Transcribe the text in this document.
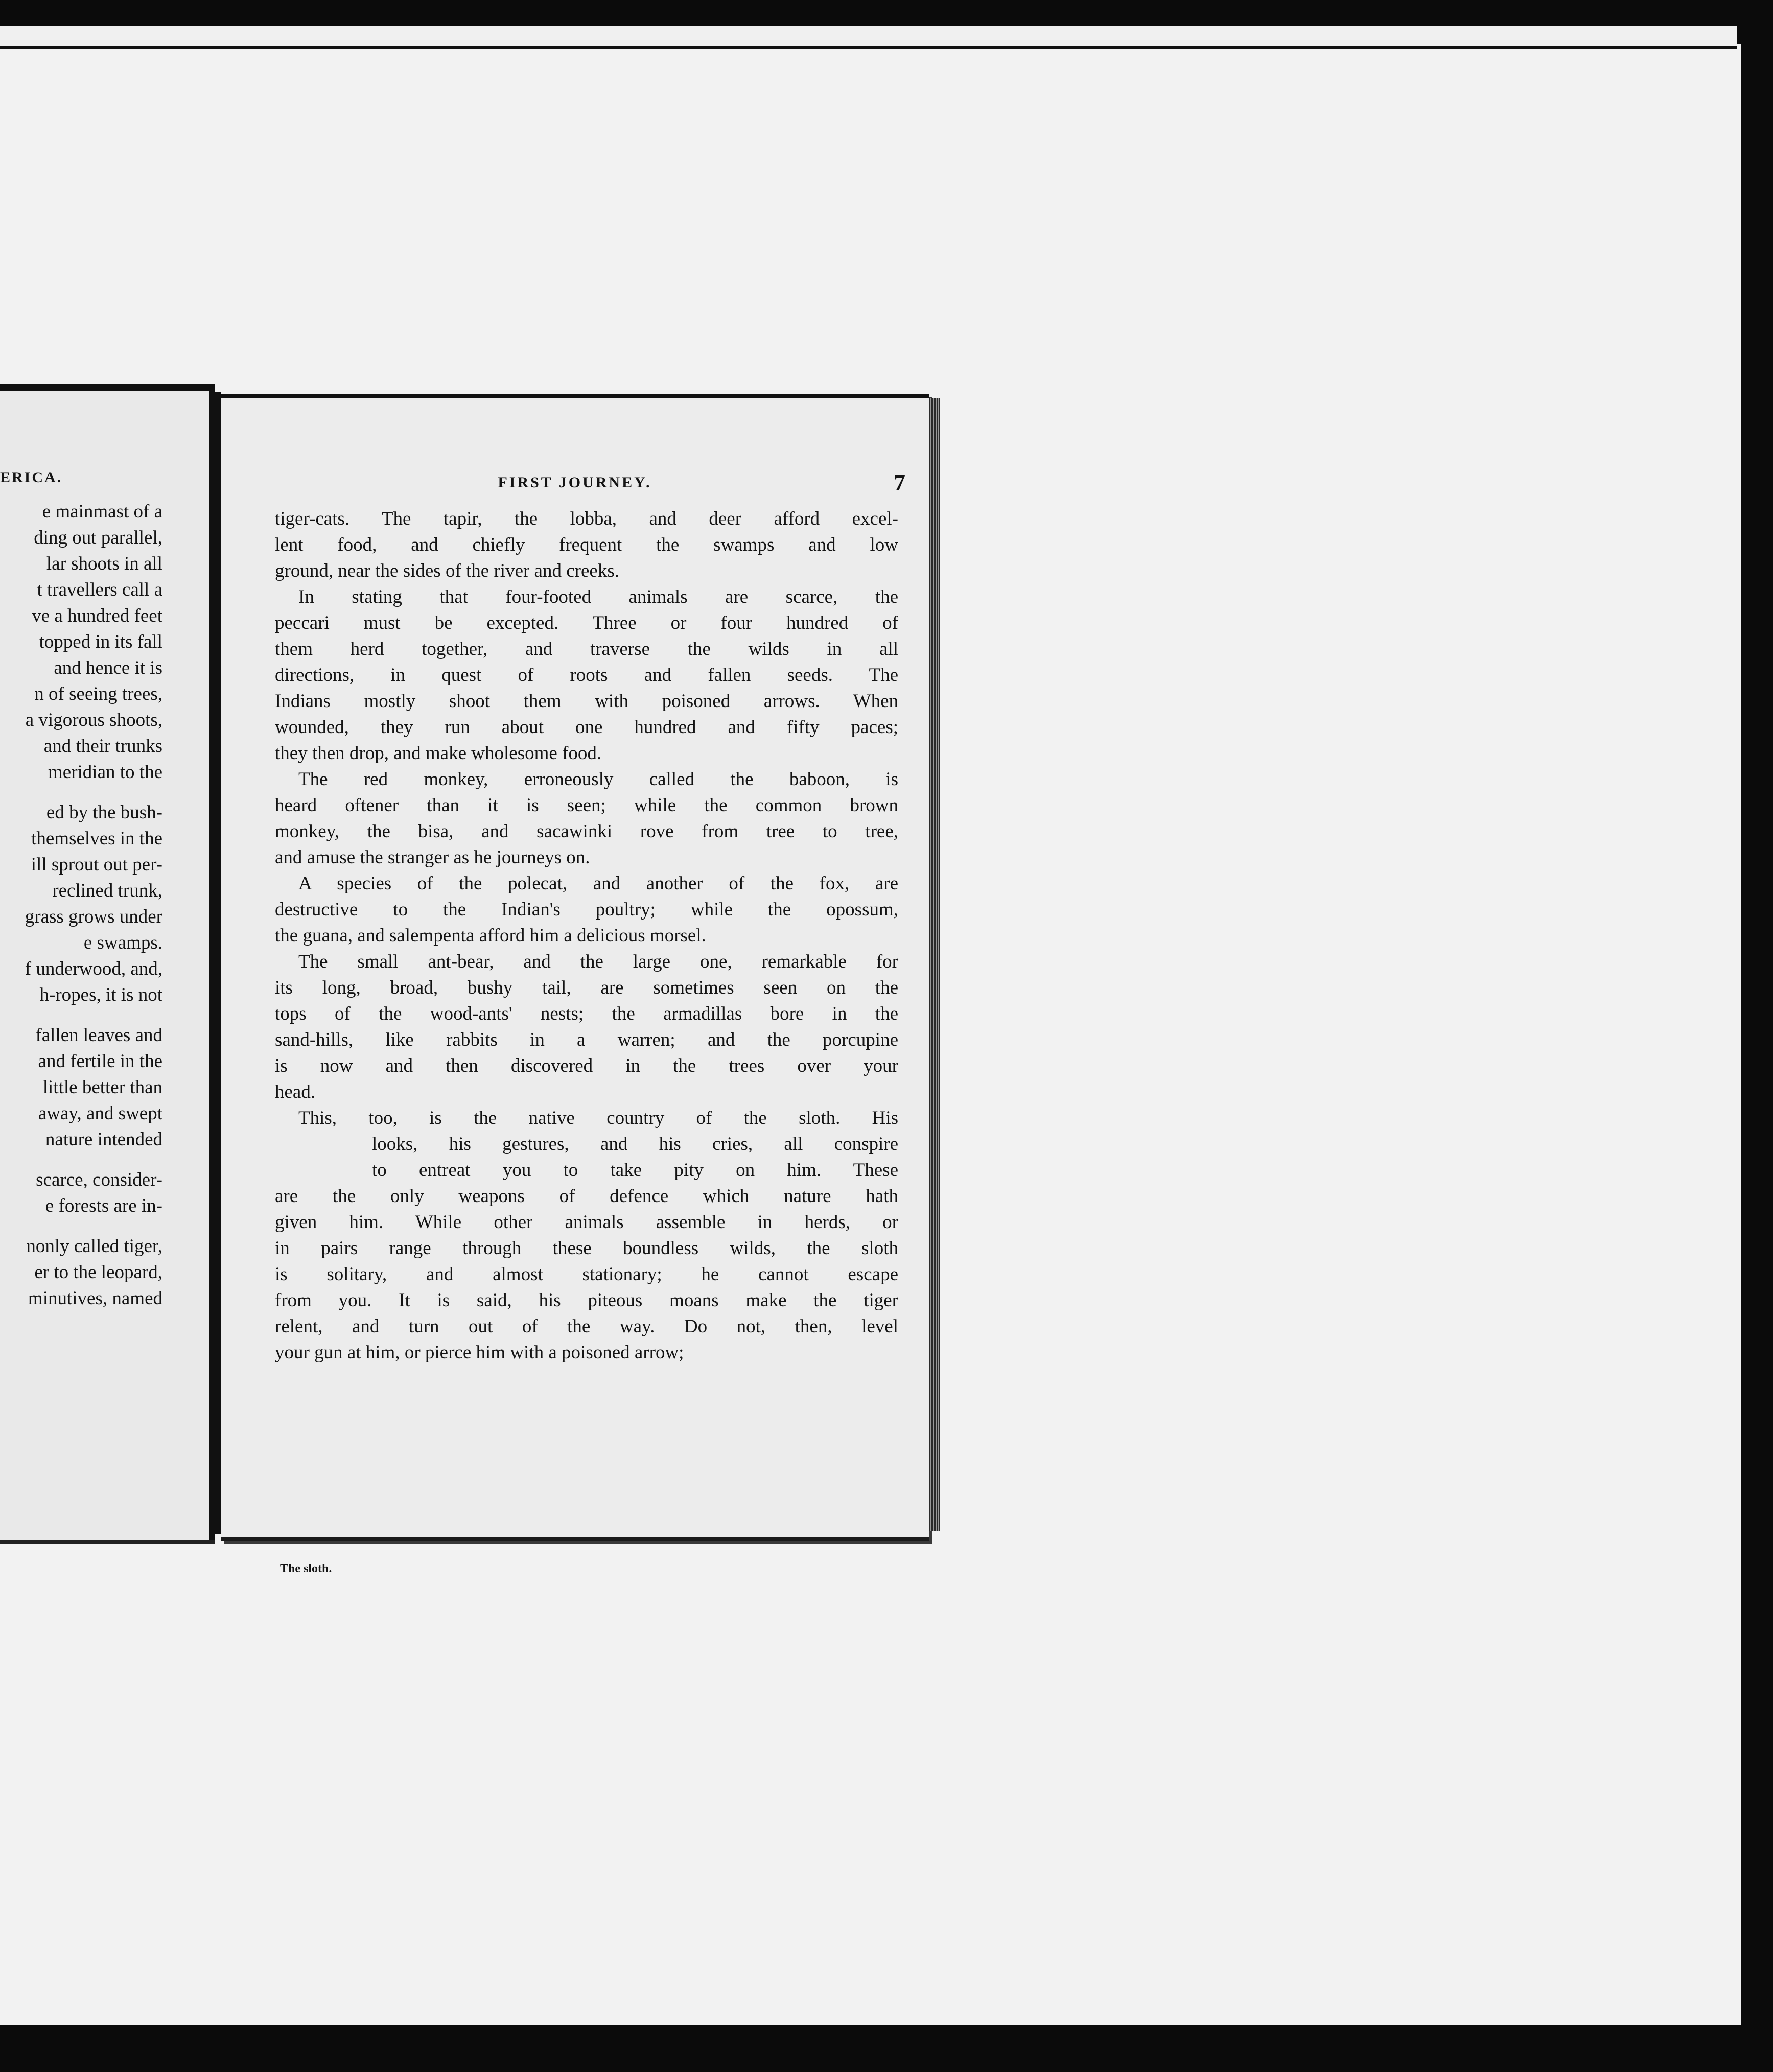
ERICA.
e mainmast of a
ding out parallel,
lar shoots in all
t travellers call a
ve a hundred feet
topped in its fall
and hence it is
n of seeing trees,
a vigorous shoots,
and their trunks
meridian to the
ed by the bush-
themselves in the
ill sprout out per-
reclined trunk,
grass grows under
e swamps.
f underwood, and,
h-ropes, it is not
fallen leaves and
and fertile in the
little better than
away, and swept
nature intended
scarce, consider-
e forests are in-
nonly called tiger,
er to the leopard,
minutives, named
FIRST JOURNEY.	7
tiger-cats. The tapir, the lobba, and deer afford excel-
lent food, and chiefly frequent the swamps and low
ground, near the sides of the river and creeks.
In stating that four-footed animals are scarce, the
peccari must be excepted. Three or four hundred of
them herd together, and traverse the wilds in all
directions, in quest of roots and fallen seeds. The
Indians mostly shoot them with poisoned arrows. When
wounded, they run about one hundred and fifty paces;
they then drop, and make wholesome food.
The red monkey, erroneously called the baboon, is
heard oftener than it is seen; while the common brown
monkey, the bisa, and sacawinki rove from tree to tree,
and amuse the stranger as he journeys on.
A species of the polecat, and another of the fox, are
destructive to the Indian's poultry; while the opossum,
the guana, and salempenta afford him a delicious morsel.
The small ant-bear, and the large one, remarkable for
its long, broad, bushy tail, are sometimes seen on the
tops of the wood-ants' nests; the armadillas bore in the
sand-hills, like rabbits in a warren; and the porcupine
is now and then discovered in the trees over your
head.
This, too, is the native country of the sloth. His
looks, his gestures, and his cries, all conspire
to entreat you to take pity on him. These
are the only weapons of defence which nature hath
given him. While other animals assemble in herds, or
in pairs range through these boundless wilds, the sloth
is solitary, and almost stationary; he cannot escape
from you. It is said, his piteous moans make the tiger
relent, and turn out of the way. Do not, then, level
your gun at him, or pierce him with a poisoned arrow;
The sloth.
